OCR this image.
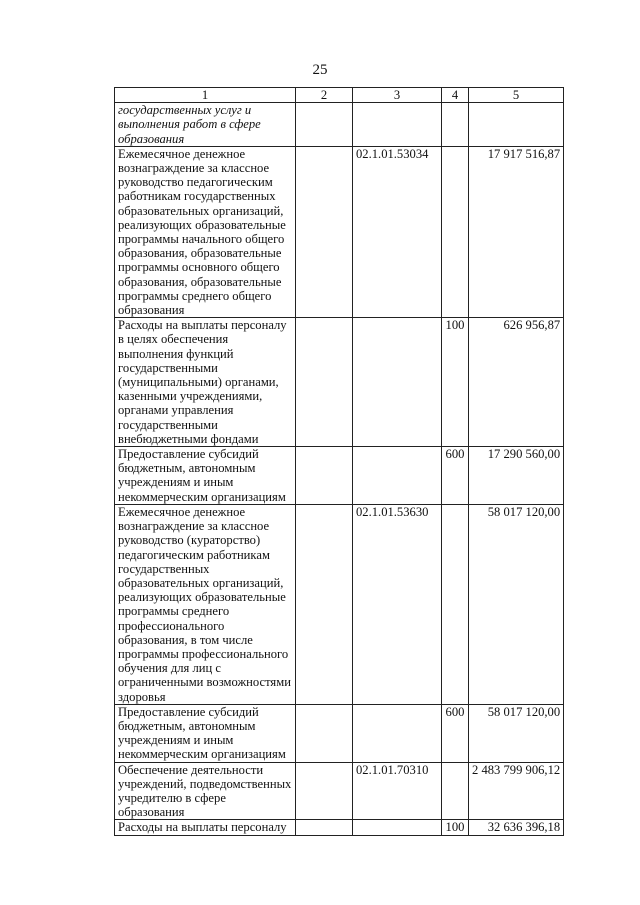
25
1	2	3	4	5
государственных услуг и выполнения работ в сфере образования				
Ежемесячное денежное вознаграждение за классное руководство педагогическим работникам государственных образовательных организаций, реализующих образовательные программы начального общего образования, образовательные программы основного общего образования, образовательные программы среднего общего образования		02.1.01.53034		17 917 516,87
Расходы на выплаты персоналу в целях обеспечения выполнения функций государственными (муниципальными) органами, казенными учреждениями, органами управления государственными внебюджетными фондами			100	626 956,87
Предоставление субсидий бюджетным, автономным учреждениям и иным некоммерческим организациям			600	17 290 560,00
Ежемесячное денежное вознаграждение за классное руководство (кураторство) педагогическим работникам государственных образовательных организаций, реализующих образовательные программы среднего профессионального образования, в том числе программы профессионального обучения для лиц с ограниченными возможностями здоровья		02.1.01.53630		58 017 120,00
Предоставление субсидий бюджетным, автономным учреждениям и иным некоммерческим организациям			600	58 017 120,00
Обеспечение деятельности учреждений, подведомственных учредителю в сфере образования		02.1.01.70310		2 483 799 906,12
Расходы на выплаты персоналу			100	32 636 396,18
